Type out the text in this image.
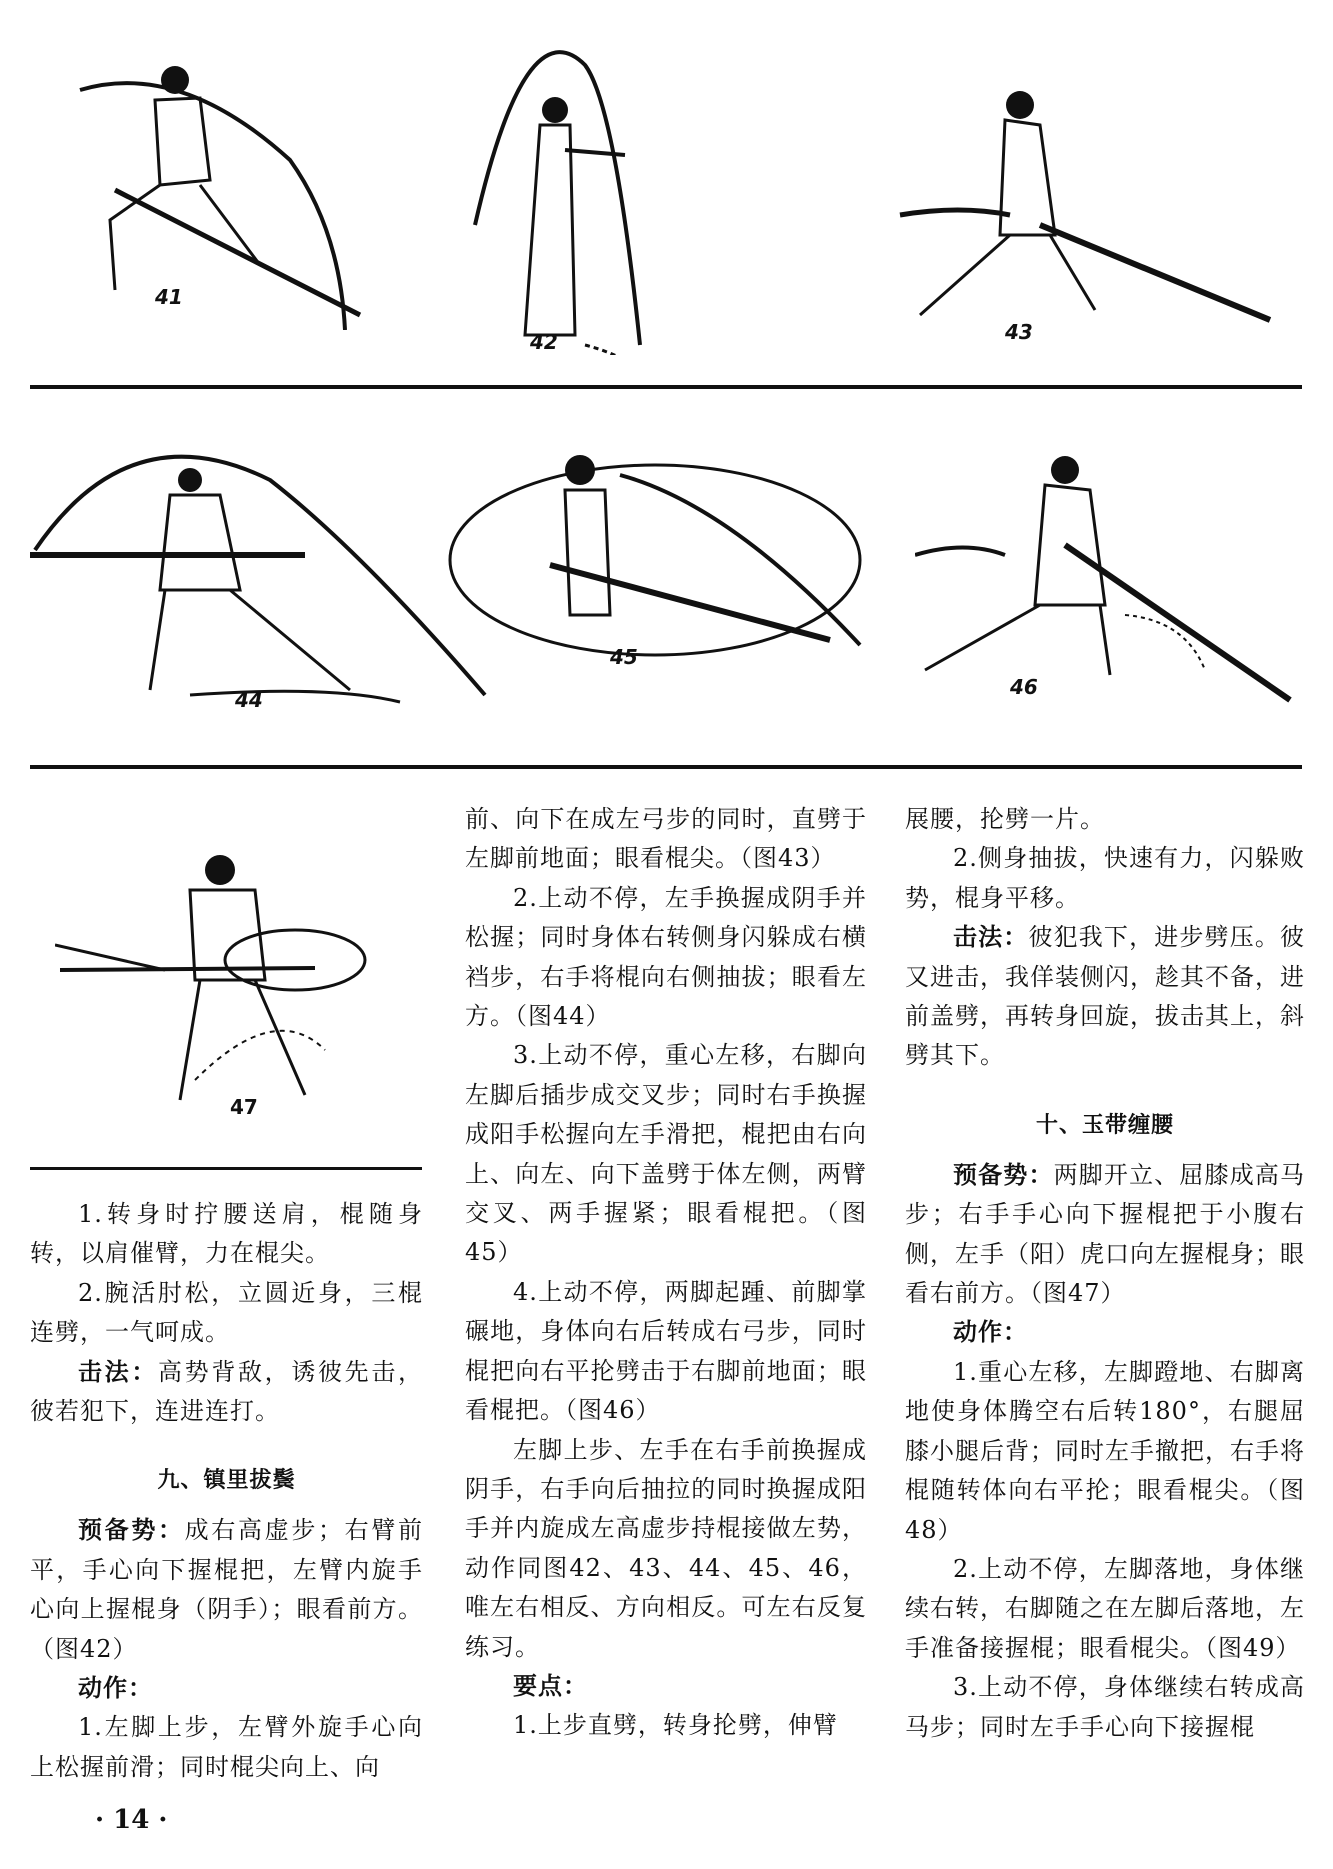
41
42	43
44
45
46
47

1.转身时拧腰送肩，棍随身转，以肩催臂，力在棍尖。

2.腕活肘松，立圆近身，三棍连劈，一气呵成。

击法：高势背敌，诱彼先击，彼若犯下，连进连打。

九、镇里拔鬓

预备势：成右高虚步；右臂前平，手心向下握棍把，左臂内旋手心向上握棍身（阴手）；眼看前方。（图42）

动作：

1.左脚上步，左臂外旋手心向上松握前滑；同时棍尖向上、向

前、向下在成左弓步的同时，直劈于左脚前地面；眼看棍尖。（图43）

2.上动不停，左手换握成阴手并松握；同时身体右转侧身闪躲成右横裆步，右手将棍向右侧抽拔；眼看左方。（图44）

3.上动不停，重心左移，右脚向左脚后插步成交叉步；同时右手换握成阳手松握向左手滑把，棍把由右向上、向左、向下盖劈于体左侧，两臂交叉、两手握紧；眼看棍把。（图45）

4.上动不停，两脚起踵、前脚掌碾地，身体向右后转成右弓步，同时棍把向右平抡劈击于右脚前地面；眼看棍把。（图46）

左脚上步、左手在右手前换握成阴手，右手向后抽拉的同时换握成阳手并内旋成左高虚步持棍接做左势，动作同图42、43、44、45、46，唯左右相反、方向相反。可左右反复练习。

要点：

1.上步直劈，转身抡劈，伸臂

展腰，抡劈一片。

2.侧身抽拔，快速有力，闪躲败势，棍身平移。

击法：彼犯我下，进步劈压。彼又进击，我佯装侧闪，趁其不备，进前盖劈，再转身回旋，拔击其上，斜劈其下。

十、玉带缠腰

预备势：两脚开立、屈膝成高马步；右手手心向下握棍把于小腹右侧，左手（阳）虎口向左握棍身；眼看右前方。（图47）

动作：

1.重心左移，左脚蹬地、右脚离地使身体腾空右后转180°，右腿屈膝小腿后背；同时左手撤把，右手将棍随转体向右平抡；眼看棍尖。（图48）

2.上动不停，左脚落地，身体继续右转，右脚随之在左脚后落地，左手准备接握棍；眼看棍尖。（图49）

3.上动不停，身体继续右转成高马步；同时左手手心向下接握棍

· 14 ·
